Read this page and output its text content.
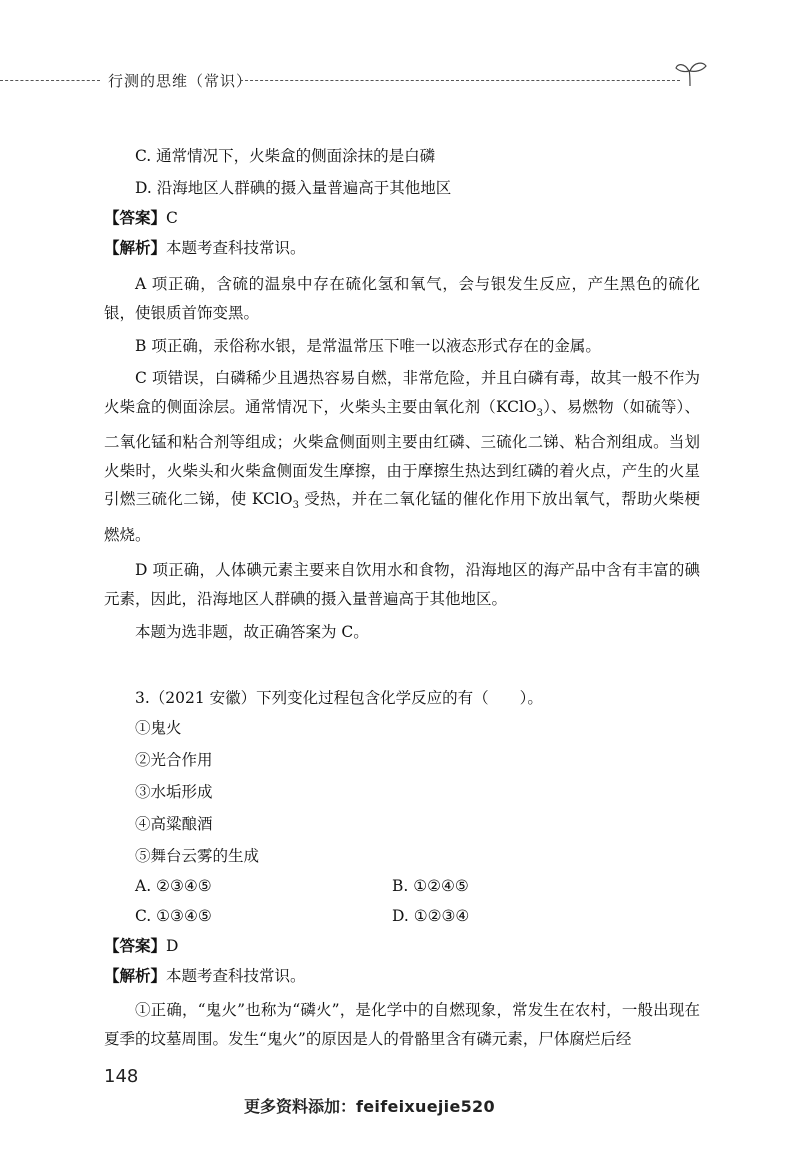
行测的思维（常识）
C. 通常情况下，火柴盒的侧面涂抹的是白磷
D. 沿海地区人群碘的摄入量普遍高于其他地区
【答案】C
【解析】本题考查科技常识。
A 项正确，含硫的温泉中存在硫化氢和氧气，会与银发生反应，产生黑色的硫化银，使银质首饰变黑。
B 项正确，汞俗称水银，是常温常压下唯一以液态形式存在的金属。
C 项错误，白磷稀少且遇热容易自燃，非常危险，并且白磷有毒，故其一般不作为火柴盒的侧面涂层。通常情况下，火柴头主要由氧化剂（KClO$_3$）、易燃物（如硫等）、二氧化锰和粘合剂等组成；火柴盒侧面则主要由红磷、三硫化二锑、粘合剂组成。当划火柴时，火柴头和火柴盒侧面发生摩擦，由于摩擦生热达到红磷的着火点，产生的火星引燃三硫化二锑，使 KClO$_3$ 受热，并在二氧化锰的催化作用下放出氧气，帮助火柴梗燃烧。
D 项正确，人体碘元素主要来自饮用水和食物，沿海地区的海产品中含有丰富的碘元素，因此，沿海地区人群碘的摄入量普遍高于其他地区。
本题为选非题，故正确答案为 C。
3.（2021 安徽）下列变化过程包含化学反应的有（　　）。
①鬼火
②光合作用
③水垢形成
④高粱酿酒
⑤舞台云雾的生成
A. ②③④⑤	B. ①②④⑤
C. ①③④⑤	D. ①②③④
【答案】D
【解析】本题考查科技常识。
①正确，“鬼火”也称为“磷火”，是化学中的自燃现象，常发生在农村，一般出现在夏季的坟墓周围。发生“鬼火”的原因是人的骨骼里含有磷元素，尸体腐烂后经
148
更多资料添加：feifeixuejie520
